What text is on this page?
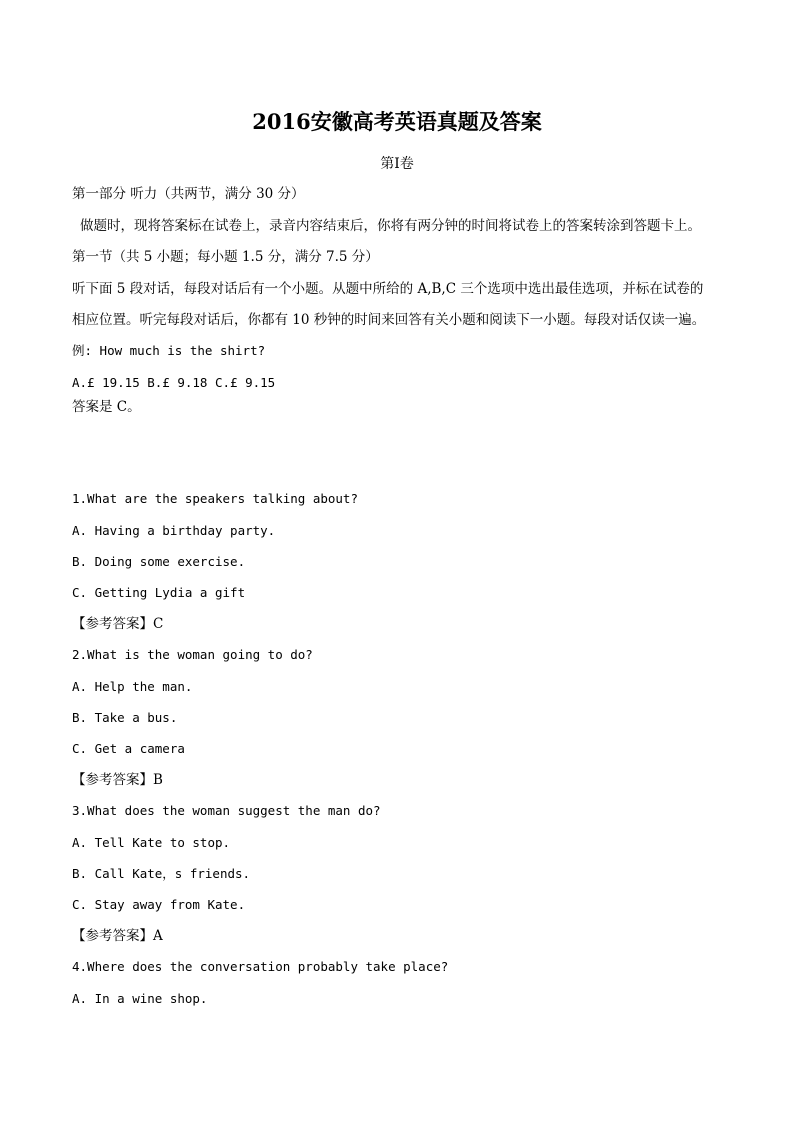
2016安徽高考英语真题及答案
第Ⅰ卷
第一部分 听力（共两节，满分 30 分）
做题时，现将答案标在试卷上，录音内容结束后，你将有两分钟的时间将试卷上的答案转涂到答题卡上。
第一节（共 5 小题；每小题 1.5 分，满分 7.5 分）
听下面 5 段对话，每段对话后有一个小题。从题中所给的 A,B,C 三个选项中选出最佳选项，并标在试卷的
相应位置。听完每段对话后，你都有 10 秒钟的时间来回答有关小题和阅读下一小题。每段对话仅读一遍。
例: How much is the shirt?
A.£ 19.15 B.£ 9.18 C.£ 9.15
答案是 C。
1.What are the speakers talking about?
A. Having a birthday party.
B. Doing some exercise.
C. Getting Lydia a gift
【参考答案】C
2.What is the woman going to do?
A. Help the man.
B. Take a bus.
C. Get a camera
【参考答案】B
3.What does the woman suggest the man do?
A. Tell Kate to stop.
B. Call Kate，s friends.
C. Stay away from Kate.
【参考答案】A
4.Where does the conversation probably take place?
A. In a wine shop.
